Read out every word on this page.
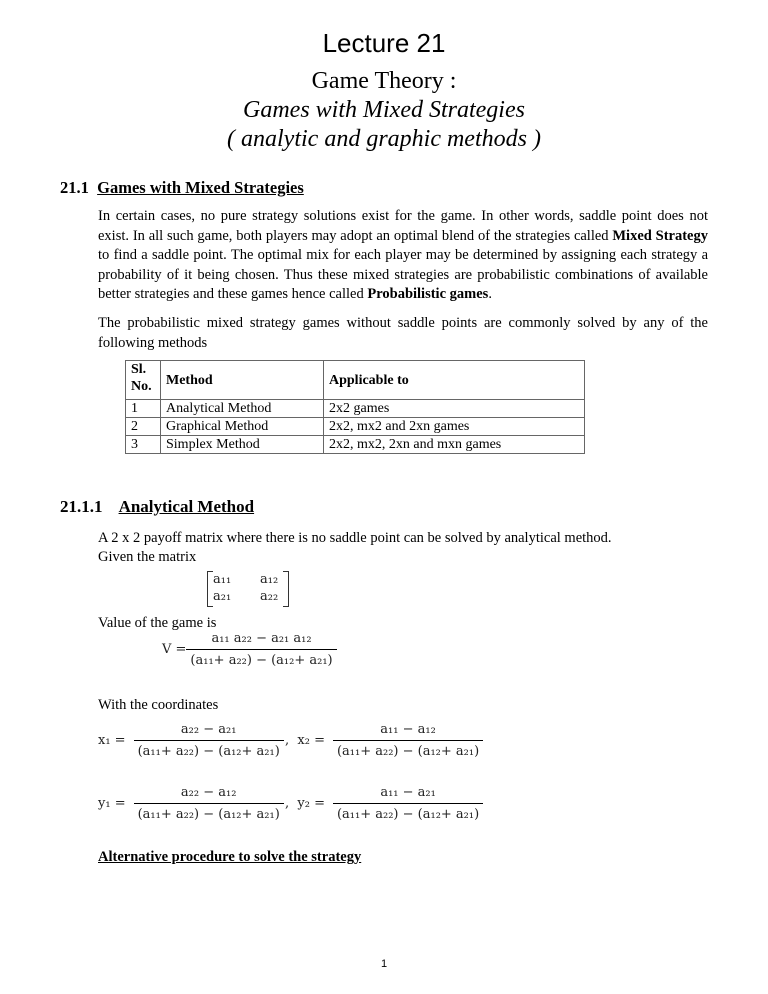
Lecture 21
Game Theory :
Games with Mixed Strategies
( analytic and graphic methods )
21.1 Games with Mixed Strategies
In certain cases, no pure strategy solutions exist for the game. In other words, saddle point does not exist. In all such game, both players may adopt an optimal blend of the strategies called Mixed Strategy to find a saddle point. The optimal mix for each player may be determined by assigning each strategy a probability of it being chosen. Thus these mixed strategies are probabilistic combinations of available better strategies and these games hence called Probabilistic games.
The probabilistic mixed strategy games without saddle points are commonly solved by any of the following methods
Sl. No.	Method	Applicable to
1	Analytical Method	2x2 games
2	Graphical Method	2x2, mx2 and 2xn games
3	Simplex Method	2x2, mx2, 2xn and mxn games
21.1.1 Analytical Method
A 2 x 2 payoff matrix where there is no saddle point can be solved by analytical method.
Given the matrix
a₁₁ a₁₂
a₂₁ a₂₂
Value of the game is
$V = \frac{\text{a₁₁ a₂₂ − a₂₁ a₁₂}}{\text{(a₁₁+ a₂₂) − (a₁₂+ a₂₁)}}$
With the coordinates
$x_1 = \frac{\text{a₂₂ − a₂₁}}{\text{(a₁₁+ a₂₂) − (a₁₂+ a₂₁)}}$ ,  $x_2 = \frac{\text{a₁₁ − a₁₂}}{\text{(a₁₁+ a₂₂) − (a₁₂+ a₂₁)}}$
$y_1 = \frac{\text{a₂₂ − a₁₂}}{\text{(a₁₁+ a₂₂) − (a₁₂+ a₂₁)}}$ ,  $y_2 = \frac{\text{a₁₁ − a₂₁}}{\text{(a₁₁+ a₂₂) − (a₁₂+ a₂₁)}}$
Alternative procedure to solve the strategy
1
